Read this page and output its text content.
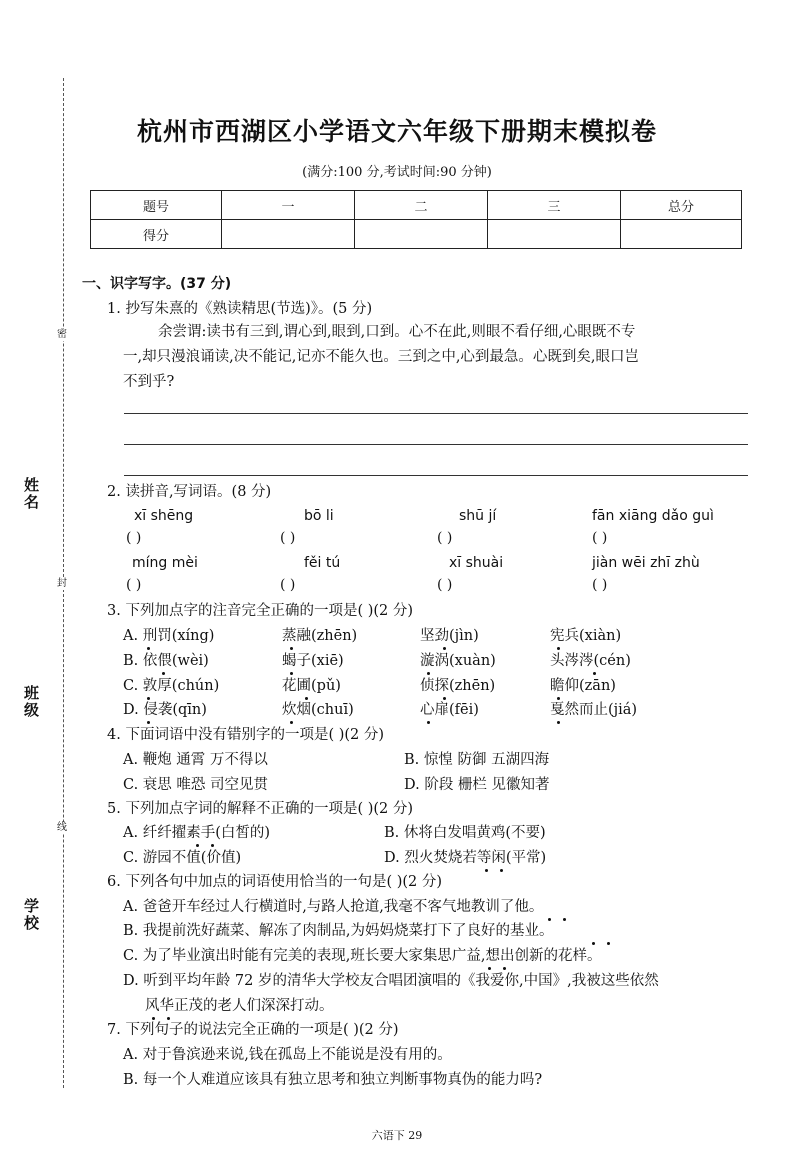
密
封
线
姓
名
班
级
学
校
杭州市西湖区小学语文六年级下册期末模拟卷
(满分:100 分,考试时间:90 分钟)
题号	一	二	三	总分
得分				
一、识字写字。(37 分)
1. 抄写朱熹的《熟读精思(节选)》。(5 分)
余尝谓:读书有三到,谓心到,眼到,口到。心不在此,则眼不看仔细,心眼既不专
一,却只漫浪诵读,决不能记,记亦不能久也。三到之中,心到最急。心既到矣,眼口岂
不到乎?
2. 读拼音,写词语。(8 分)
xī shēng	bō li	shū jí	fān xiāng dǎo guì
( )	( )	( )	( )
míng mèi	fěi tú	xī shuài	jiàn wēi zhī zhù
( )	( )	( )	( )
3. 下列加点字的注音完全正确的一项是( )(2 分)
A. 刑罚(xíng)	蒸融(zhēn)	坚劲(jìn)	宪兵(xiàn)
B. 依偎(wèi)	蝎子(xiē)	漩涡(xuàn)	头涔涔(cén)
C. 敦厚(chún)	花圃(pǔ)	侦探(zhēn)	瞻仰(zān)
D. 侵袭(qīn)	炊烟(chuī)	心扉(fēi)	戛然而止(jiá)
4. 下面词语中没有错别字的一项是( )(2 分)
A. 鞭炮 通霄 万不得以	B. 惊惶 防御 五湖四海
C. 衰思 唯恐 司空见贯	D. 阶段 栅栏 见徽知著
5. 下列加点字词的解释不正确的一项是( )(2 分)
A. 纤纤擢素手(白皙的)	B. 休将白发唱黄鸡(不要)
C. 游园不值(价值)	D. 烈火焚烧若等闲(平常)
6. 下列各句中加点的词语使用恰当的一句是( )(2 分)
A. 爸爸开车经过人行横道时,与路人抢道,我毫不客气地教训了他。
B. 我提前洗好蔬菜、解冻了肉制品,为妈妈烧菜打下了良好的基业。
C. 为了毕业演出时能有完美的表现,班长要大家集思广益,想出创新的花样。
D. 听到平均年龄 72 岁的清华大学校友合唱团演唱的《我爱你,中国》,我被这些依然
风华正茂的老人们深深打动。
7. 下列句子的说法完全正确的一项是( )(2 分)
A. 对于鲁滨逊来说,钱在孤岛上不能说是没有用的。
B. 每一个人难道应该具有独立思考和独立判断事物真伪的能力吗?
六语下 29
